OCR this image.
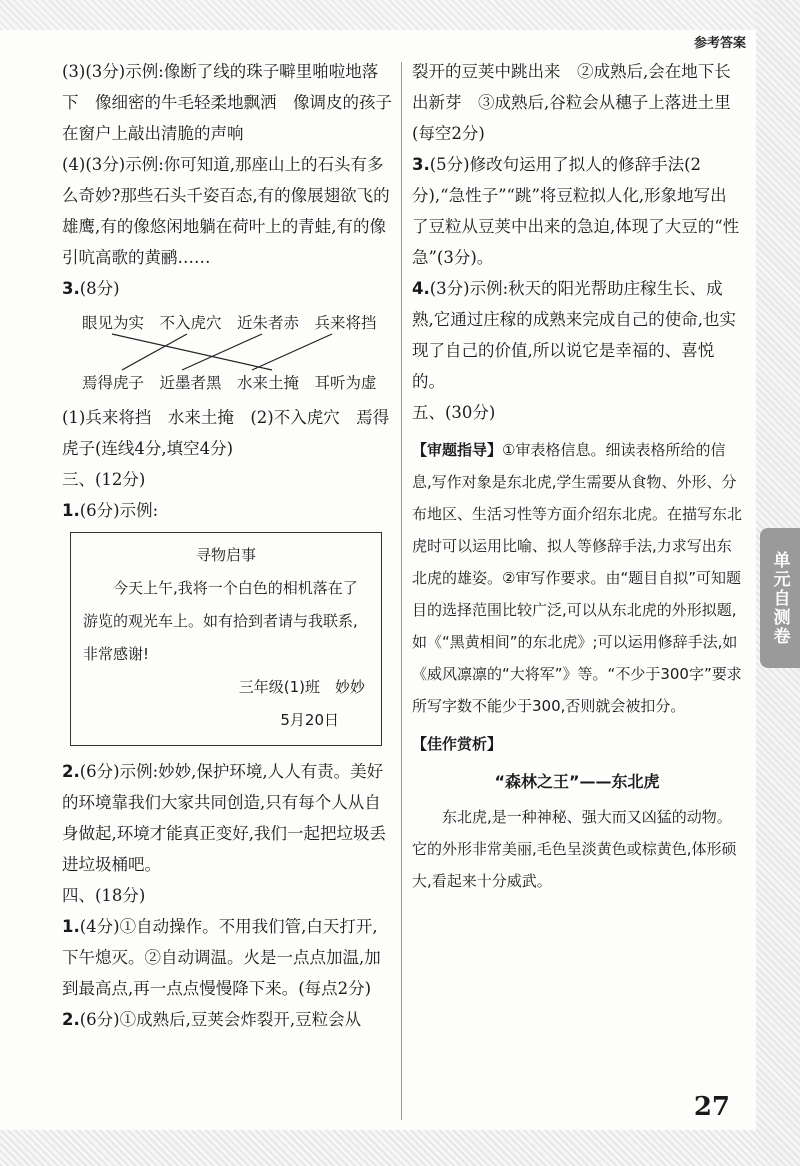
参考答案
单元自测卷

(3)(3分)示例:像断了线的珠子噼里啪啦地落下　像细密的牛毛轻柔地飘洒　像调皮的孩子在窗户上敲出清脆的声响

(4)(3分)示例:你可知道,那座山上的石头有多么奇妙?那些石头千姿百态,有的像展翅欲飞的雄鹰,有的像悠闲地躺在荷叶上的青蛙,有的像引吭高歌的黄鹂……

3.(8分)

眼见为实　不入虎穴　近朱者赤　兵来将挡
焉得虎子　近墨者黑　水来土掩　耳听为虚

(1)兵来将挡　水来土掩　(2)不入虎穴　焉得虎子(连线4分,填空4分)

三、(12分)

1.(6分)示例:

寻物启事
今天上午,我将一个白色的相机落在了游览的观光车上。如有拾到者请与我联系,非常感谢!
三年级(1)班　妙妙
5月20日

2.(6分)示例:妙妙,保护环境,人人有责。美好的环境靠我们大家共同创造,只有每个人从自身做起,环境才能真正变好,我们一起把垃圾丢进垃圾桶吧。

四、(18分)

1.(4分)①自动操作。不用我们管,白天打开,下午熄灭。②自动调温。火是一点点加温,加到最高点,再一点点慢慢降下来。(每点2分)

2.(6分)①成熟后,豆荚会炸裂开,豆粒会从

裂开的豆荚中跳出来　②成熟后,会在地下长出新芽　③成熟后,谷粒会从穗子上落进土里(每空2分)

3.(5分)修改句运用了拟人的修辞手法(2分),“急性子”“跳”将豆粒拟人化,形象地写出了豆粒从豆荚中出来的急迫,体现了大豆的“性急”(3分)。

4.(3分)示例:秋天的阳光帮助庄稼生长、成熟,它通过庄稼的成熟来完成自己的使命,也实现了自己的价值,所以说它是幸福的、喜悦的。

五、(30分)

【审题指导】①审表格信息。细读表格所给的信息,写作对象是东北虎,学生需要从食物、外形、分布地区、生活习性等方面介绍东北虎。在描写东北虎时可以运用比喻、拟人等修辞手法,力求写出东北虎的雄姿。②审写作要求。由“题目自拟”可知题目的选择范围比较广泛,可以从东北虎的外形拟题,如《“黑黄相间”的东北虎》;可以运用修辞手法,如《威风凛凛的“大将军”》等。“不少于300字”要求所写字数不能少于300,否则就会被扣分。

【佳作赏析】

“森林之王”——东北虎

东北虎,是一种神秘、强大而又凶猛的动物。它的外形非常美丽,毛色呈淡黄色或棕黄色,体形硕大,看起来十分威武。

27
